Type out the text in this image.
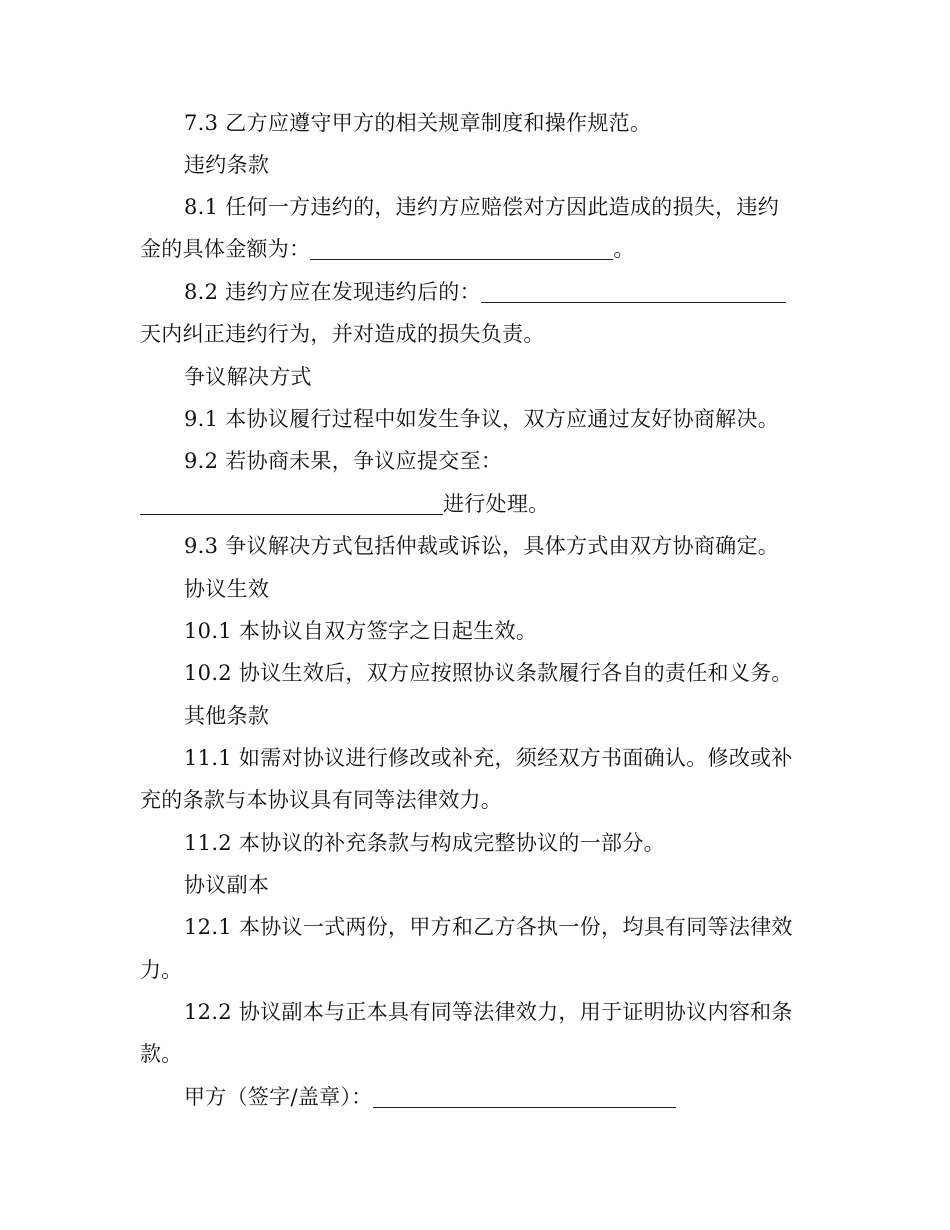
7.3 乙方应遵守甲方的相关规章制度和操作规范。
违约条款
8.1 任何一方违约的，违约方应赔偿对方因此造成的损失，违约
金的具体金额为：	。
8.2 违约方应在发现违约后的：
天内纠正违约行为，并对造成的损失负责。
争议解决方式
9.1 本协议履行过程中如发生争议，双方应通过友好协商解决。
9.2 若协商未果，争议应提交至：
进行处理。
9.3 争议解决方式包括仲裁或诉讼，具体方式由双方协商确定。
协议生效
10.1 本协议自双方签字之日起生效。
10.2 协议生效后，双方应按照协议条款履行各自的责任和义务。
其他条款
11.1 如需对协议进行修改或补充，须经双方书面确认。修改或补
充的条款与本协议具有同等法律效力。
11.2 本协议的补充条款与构成完整协议的一部分。
协议副本
12.1 本协议一式两份，甲方和乙方各执一份，均具有同等法律效
力。
12.2 协议副本与正本具有同等法律效力，用于证明协议内容和条
款。
甲方（签字/盖章）：
